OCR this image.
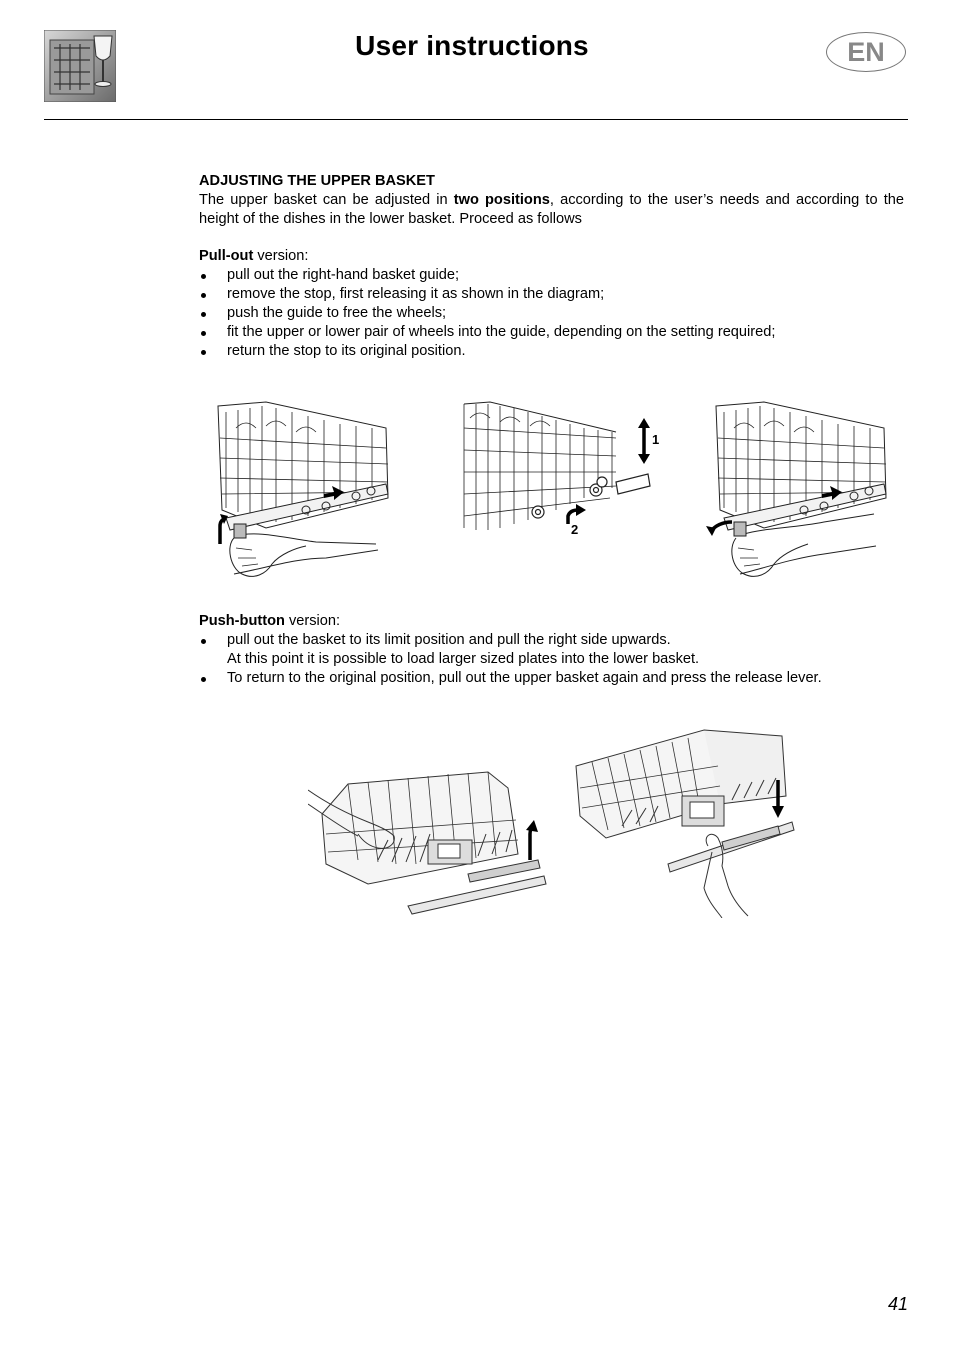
User instructions	EN
ADJUSTING THE UPPER BASKET
The upper basket can be adjusted in two positions, according to the user’s needs and according to the height of the dishes in the lower basket. Proceed as follows
Pull-out version:
pull out the right-hand basket guide;
remove the stop, first releasing it as shown in the diagram;
push the guide to free the wheels;
fit the upper or lower pair of wheels into the guide, depending on the setting required;
return the stop to its original position.
1
2
Push-button version:
pull out the basket to its limit position and pull the right side upwards.
At this point it is possible to load larger sized plates into the lower basket.
To return to the original position, pull out the upper basket again and press the release lever.
41
